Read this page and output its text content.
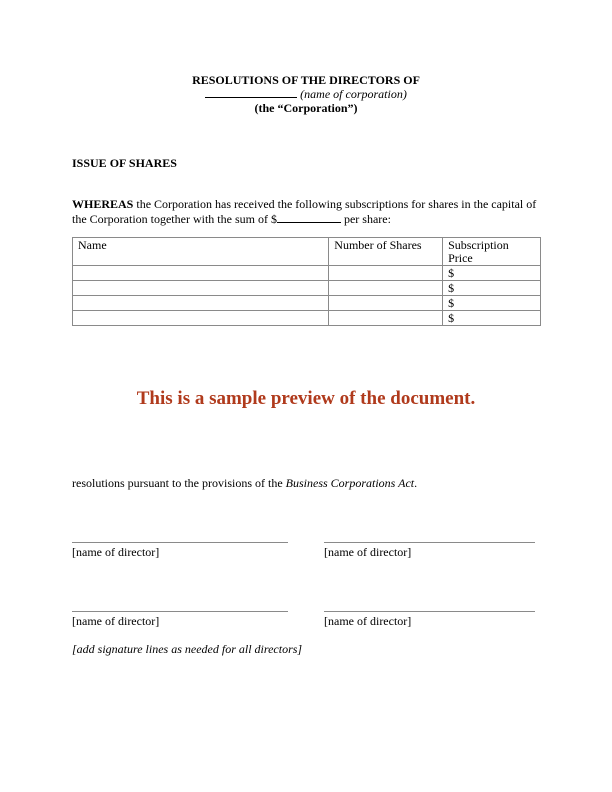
RESOLUTIONS OF THE DIRECTORS OF
(name of corporation)
(the “Corporation”)
ISSUE OF SHARES
WHEREAS the Corporation has received the following subscriptions for shares in the capital of the Corporation together with the sum of $	per share:
Name	Number of Shares	Subscription Price
		$
		$
		$
		$
This is a sample preview of the document.
resolutions pursuant to the provisions of the Business Corporations Act.
[name of director]	[name of director]
[name of director]	[name of director]
[add signature lines as needed for all directors]
